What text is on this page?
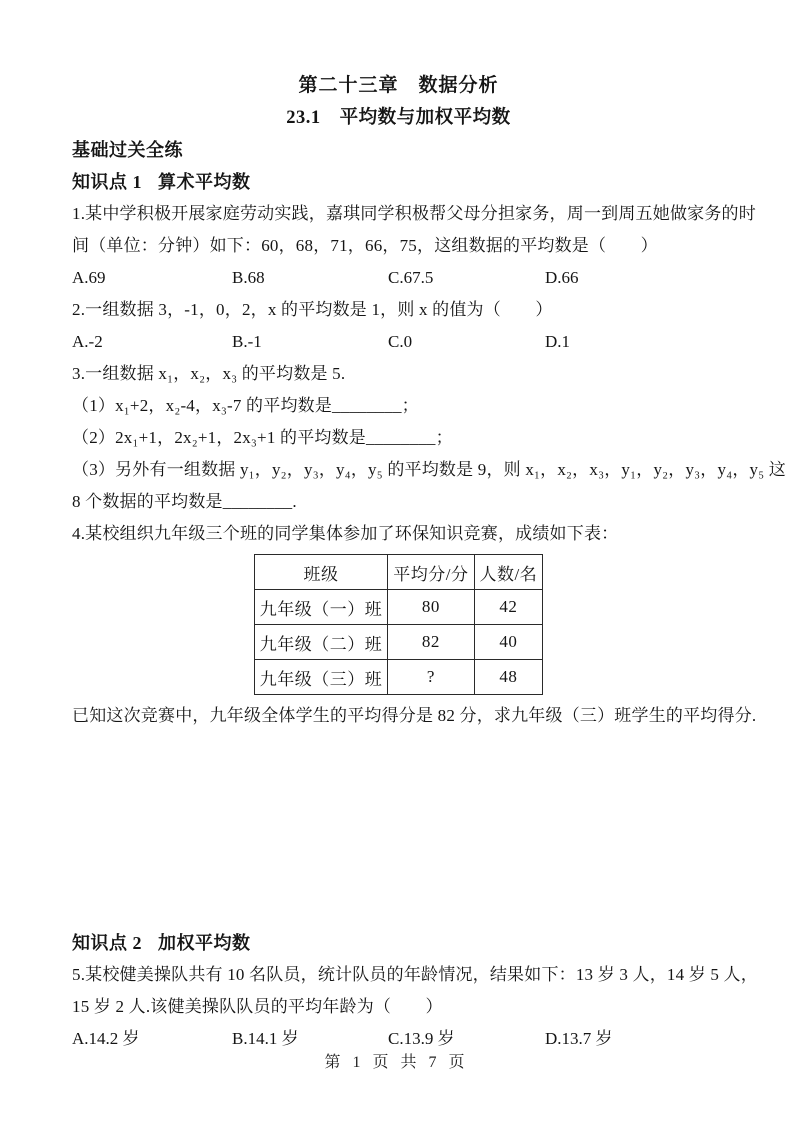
第二十三章　数据分析
23.1　平均数与加权平均数
基础过关全练
知识点 1 算术平均数
1.某中学积极开展家庭劳动实践，嘉琪同学积极帮父母分担家务，周一到周五她做家务的时
间（单位：分钟）如下：60，68，71，66，75，这组数据的平均数是（　　）
A.69	B.68	C.67.5	D.66
2.一组数据 3，-1，0，2，x 的平均数是 1，则 x 的值为（　　）
A.-2	B.-1	C.0	D.1
3.一组数据 x₁，x₂，x₃ 的平均数是 5.
（1）x₁+2，x₂-4，x₃-7 的平均数是________；
（2）2x₁+1，2x₂+1，2x₃+1 的平均数是________；
（3）另外有一组数据 y₁，y₂，y₃，y₄，y₅ 的平均数是 9，则 x₁，x₂，x₃，y₁，y₂，y₃，y₄，y₅ 这
8 个数据的平均数是________.
4.某校组织九年级三个班的同学集体参加了环保知识竞赛，成绩如下表：
班级	平均分/分	人数/名
九年级（一）班	80	42
九年级（二）班	82	40
九年级（三）班	?	48
已知这次竞赛中，九年级全体学生的平均得分是 82 分，求九年级（三）班学生的平均得分.
知识点 2 加权平均数
5.某校健美操队共有 10 名队员，统计队员的年龄情况，结果如下：13 岁 3 人，14 岁 5 人，
15 岁 2 人.该健美操队队员的平均年龄为（　　）
A.14.2 岁	B.14.1 岁	C.13.9 岁	D.13.7 岁
第 1 页 共 7 页
